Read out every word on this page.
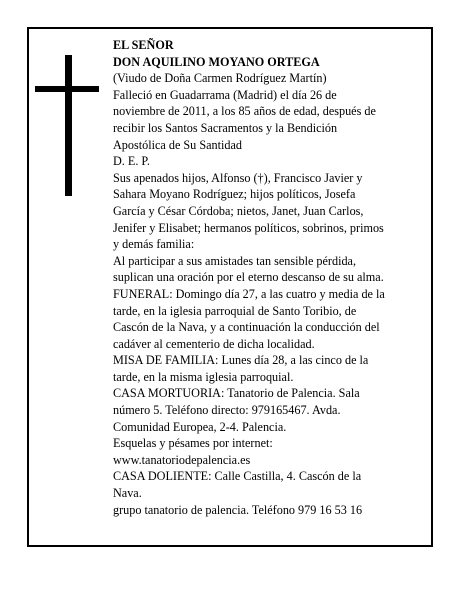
EL SEÑOR
DON AQUILINO MOYANO ORTEGA
(Viudo de Doña Carmen Rodríguez Martín)
Falleció en Guadarrama (Madrid) el día 26 de
noviembre de 2011, a los 85 años de edad, después de
recibir los Santos Sacramentos y la Bendición
Apostólica de Su Santidad
D. E. P.
Sus apenados hijos, Alfonso (†), Francisco Javier y
Sahara Moyano Rodríguez; hijos políticos, Josefa
García y César Córdoba; nietos, Janet, Juan Carlos,
Jenifer y Elisabet; hermanos políticos, sobrinos, primos
y demás familia:
Al participar a sus amistades tan sensible pérdida,
suplican una oración por el eterno descanso de su alma.
FUNERAL: Domingo día 27, a las cuatro y media de la
tarde, en la iglesia parroquial de Santo Toribio, de
Cascón de la Nava, y a continuación la conducción del
cadáver al cementerio de dicha localidad.
MISA DE FAMILIA: Lunes día 28, a las cinco de la
tarde, en la misma iglesia parroquial.
CASA MORTUORIA: Tanatorio de Palencia. Sala
número 5. Teléfono directo: 979165467. Avda.
Comunidad Europea, 2-4. Palencia.
Esquelas y pésames por internet:
www.tanatoriodepalencia.es
CASA DOLIENTE: Calle Castilla, 4. Cascón de la
Nava.
grupo tanatorio de palencia. Teléfono 979 16 53 16
